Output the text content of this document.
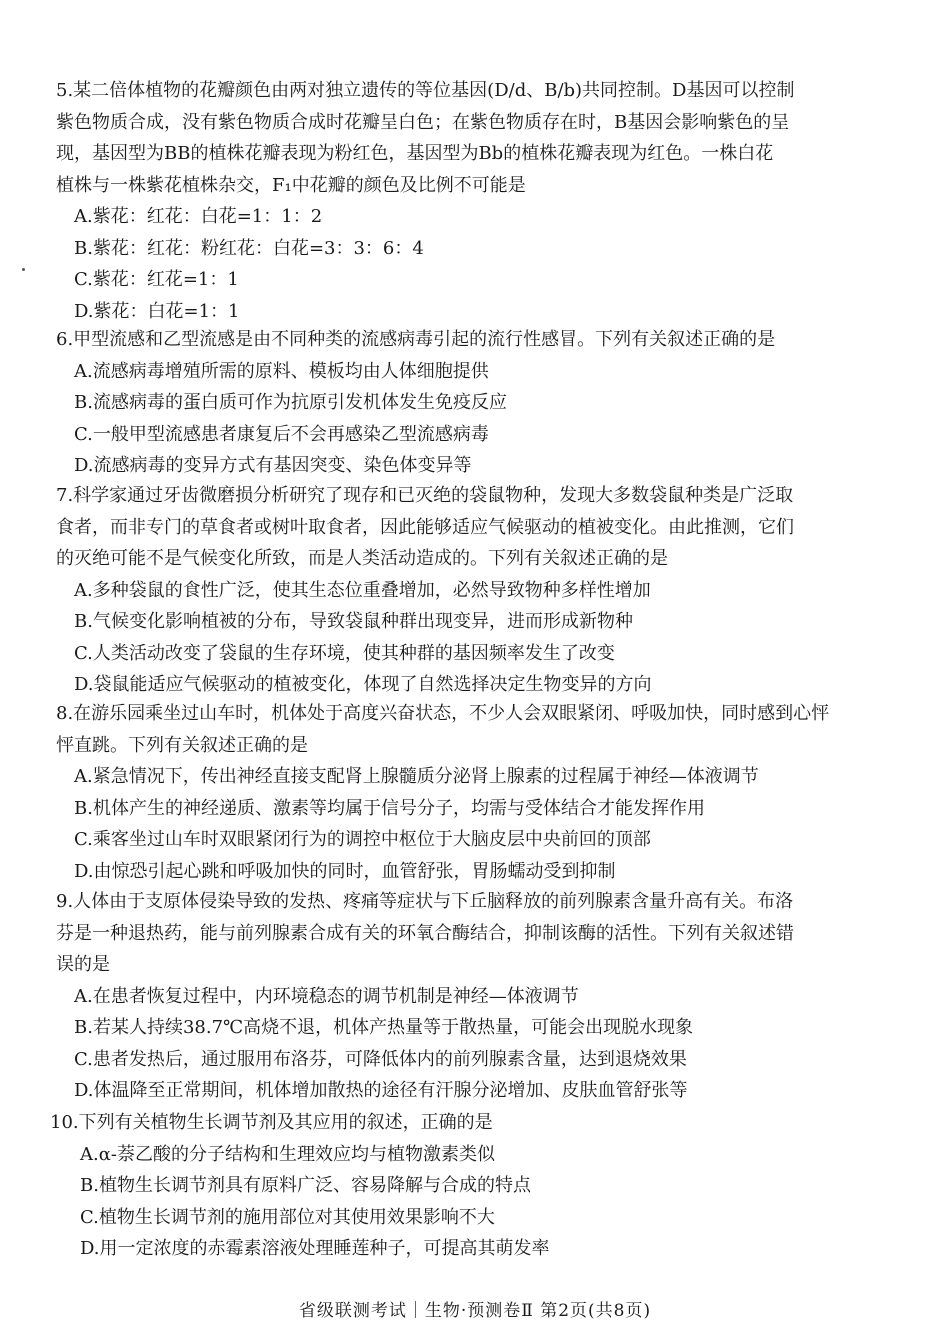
5.某二倍体植物的花瓣颜色由两对独立遗传的等位基因(D/d、B/b)共同控制。D基因可以控制
紫色物质合成，没有紫色物质合成时花瓣呈白色；在紫色物质存在时，B基因会影响紫色的呈
现，基因型为BB的植株花瓣表现为粉红色，基因型为Bb的植株花瓣表现为红色。一株白花
植株与一株紫花植株杂交，F₁中花瓣的颜色及比例不可能是
A.紫花：红花：白花=1：1：2
B.紫花：红花：粉红花：白花=3：3：6：4
C.紫花：红花=1：1
D.紫花：白花=1：1
6.甲型流感和乙型流感是由不同种类的流感病毒引起的流行性感冒。下列有关叙述正确的是
A.流感病毒增殖所需的原料、模板均由人体细胞提供
B.流感病毒的蛋白质可作为抗原引发机体发生免疫反应
C.一般甲型流感患者康复后不会再感染乙型流感病毒
D.流感病毒的变异方式有基因突变、染色体变异等
7.科学家通过牙齿微磨损分析研究了现存和已灭绝的袋鼠物种，发现大多数袋鼠种类是广泛取
食者，而非专门的草食者或树叶取食者，因此能够适应气候驱动的植被变化。由此推测，它们
的灭绝可能不是气候变化所致，而是人类活动造成的。下列有关叙述正确的是
A.多种袋鼠的食性广泛，使其生态位重叠增加，必然导致物种多样性增加
B.气候变化影响植被的分布，导致袋鼠种群出现变异，进而形成新物种
C.人类活动改变了袋鼠的生存环境，使其种群的基因频率发生了改变
D.袋鼠能适应气候驱动的植被变化，体现了自然选择决定生物变异的方向
8.在游乐园乘坐过山车时，机体处于高度兴奋状态，不少人会双眼紧闭、呼吸加快，同时感到心怦
怦直跳。下列有关叙述正确的是
A.紧急情况下，传出神经直接支配肾上腺髓质分泌肾上腺素的过程属于神经—体液调节
B.机体产生的神经递质、激素等均属于信号分子，均需与受体结合才能发挥作用
C.乘客坐过山车时双眼紧闭行为的调控中枢位于大脑皮层中央前回的顶部
D.由惊恐引起心跳和呼吸加快的同时，血管舒张，胃肠蠕动受到抑制
9.人体由于支原体侵染导致的发热、疼痛等症状与下丘脑释放的前列腺素含量升高有关。布洛
芬是一种退热药，能与前列腺素合成有关的环氧合酶结合，抑制该酶的活性。下列有关叙述错
误的是
A.在患者恢复过程中，内环境稳态的调节机制是神经—体液调节
B.若某人持续38.7℃高烧不退，机体产热量等于散热量，可能会出现脱水现象
C.患者发热后，通过服用布洛芬，可降低体内的前列腺素含量，达到退烧效果
D.体温降至正常期间，机体增加散热的途径有汗腺分泌增加、皮肤血管舒张等
10.下列有关植物生长调节剂及其应用的叙述，正确的是
A.α-萘乙酸的分子结构和生理效应均与植物激素类似
B.植物生长调节剂具有原料广泛、容易降解与合成的特点
C.植物生长调节剂的施用部位对其使用效果影响不大
D.用一定浓度的赤霉素溶液处理睡莲种子，可提高其萌发率
省级联测考试｜生物·预测卷Ⅱ 第2页(共8页)
